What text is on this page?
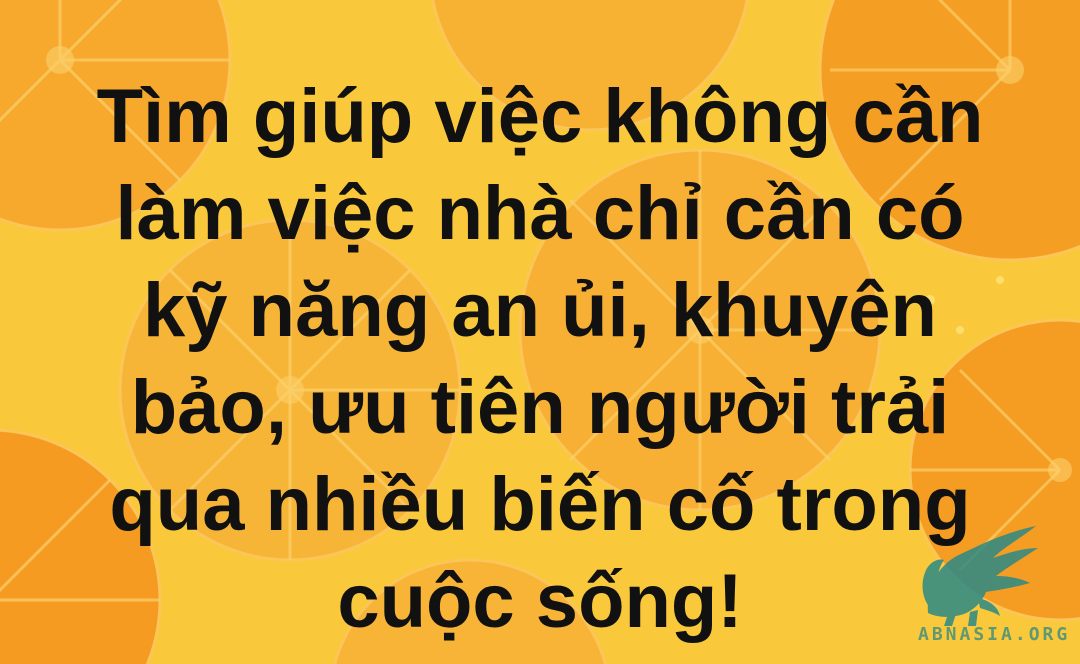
Tìm giúp việc không cần
làm việc nhà chỉ cần có
kỹ năng an ủi, khuyên
bảo, ưu tiên người trải
qua nhiều biến cố trong
cuộc sống!	ABNASIA.ORG
